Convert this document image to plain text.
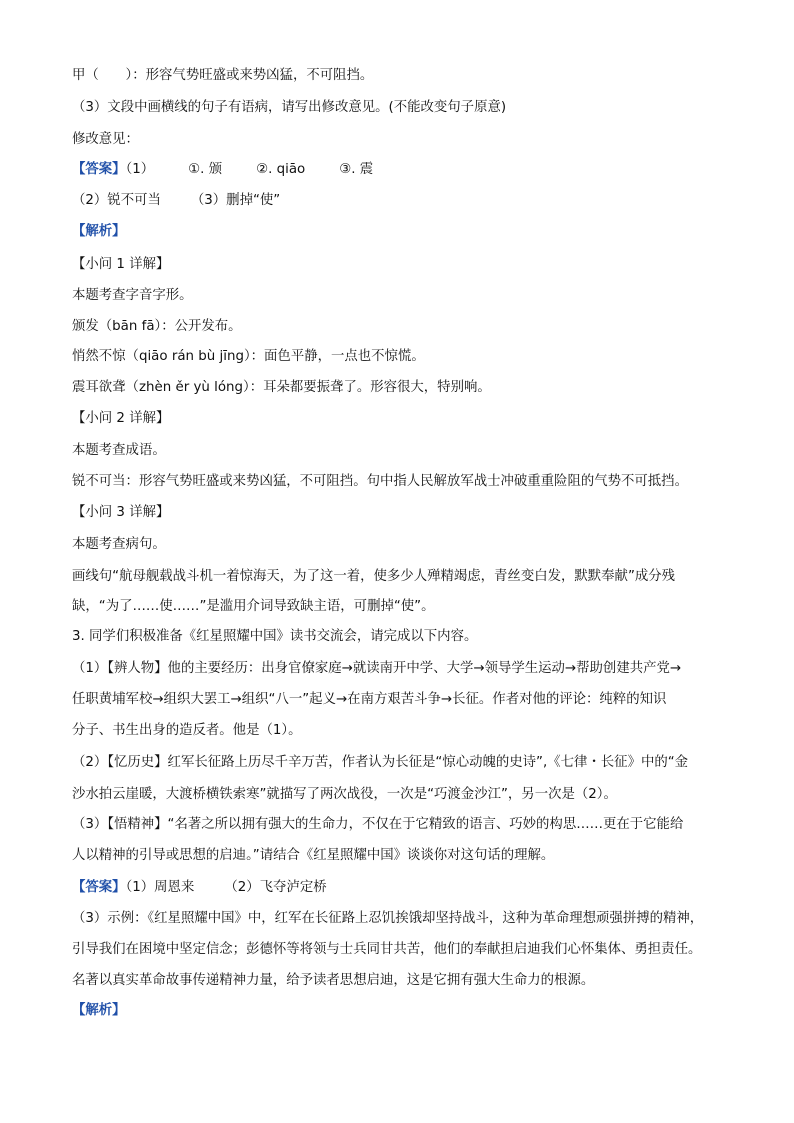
甲（　　）：形容气势旺盛或来势凶猛，不可阻挡。
（3）文段中画横线的句子有语病，请写出修改意见。(不能改变句子原意)
修改意见：
【答案】（1）	①. 颁	②. qiāo	③. 震
（2）锐不可当 （3）删掉“使”
【解析】
【小问 1 详解】
本题考查字音字形。
颁发（bān fā）：公开发布。
悄然不惊（qiāo rán bù jīng）：面色平静，一点也不惊慌。
震耳欲聋（zhèn ěr yù lóng）：耳朵都要振聋了。形容很大，特别响。
【小问 2 详解】
本题考查成语。
锐不可当：形容气势旺盛或来势凶猛，不可阻挡。句中指人民解放军战士冲破重重险阻的气势不可抵挡。
【小问 3 详解】
本题考查病句。
画线句“航母舰载战斗机一着惊海天，为了这一着，使多少人殚精竭虑，青丝变白发，默默奉献”成分残
缺，“为了……使……”是滥用介词导致缺主语，可删掉“使”。
3. 同学们积极准备《红星照耀中国》读书交流会，请完成以下内容。
（1）【辨人物】他的主要经历：出身官僚家庭→就读南开中学、大学→领导学生运动→帮助创建共产党→
任职黄埔军校→组织大罢工→组织“八一”起义→在南方艰苦斗争→长征。作者对他的评论：纯粹的知识
分子、书生出身的造反者。他是（1）。
（2）【忆历史】红军长征路上历尽千辛万苦，作者认为长征是“惊心动魄的史诗”,《七律・长征》中的“金
沙水拍云崖暖，大渡桥横铁索寒”就描写了两次战役，一次是“巧渡金沙江”，另一次是（2）。
（3）【悟精神】“名著之所以拥有强大的生命力，不仅在于它精致的语言、巧妙的构思……更在于它能给
人以精神的引导或思想的启迪。”请结合《红星照耀中国》谈谈你对这句话的理解。
【答案】（1）周恩来 （2）飞夺泸定桥
（3）示例：《红星照耀中国》中，红军在长征路上忍饥挨饿却坚持战斗，这种为革命理想顽强拼搏的精神，
引导我们在困境中坚定信念；彭德怀等将领与士兵同甘共苦，他们的奉献担启迪我们心怀集体、勇担责任。
名著以真实革命故事传递精神力量，给予读者思想启迪，这是它拥有强大生命力的根源。
【解析】
